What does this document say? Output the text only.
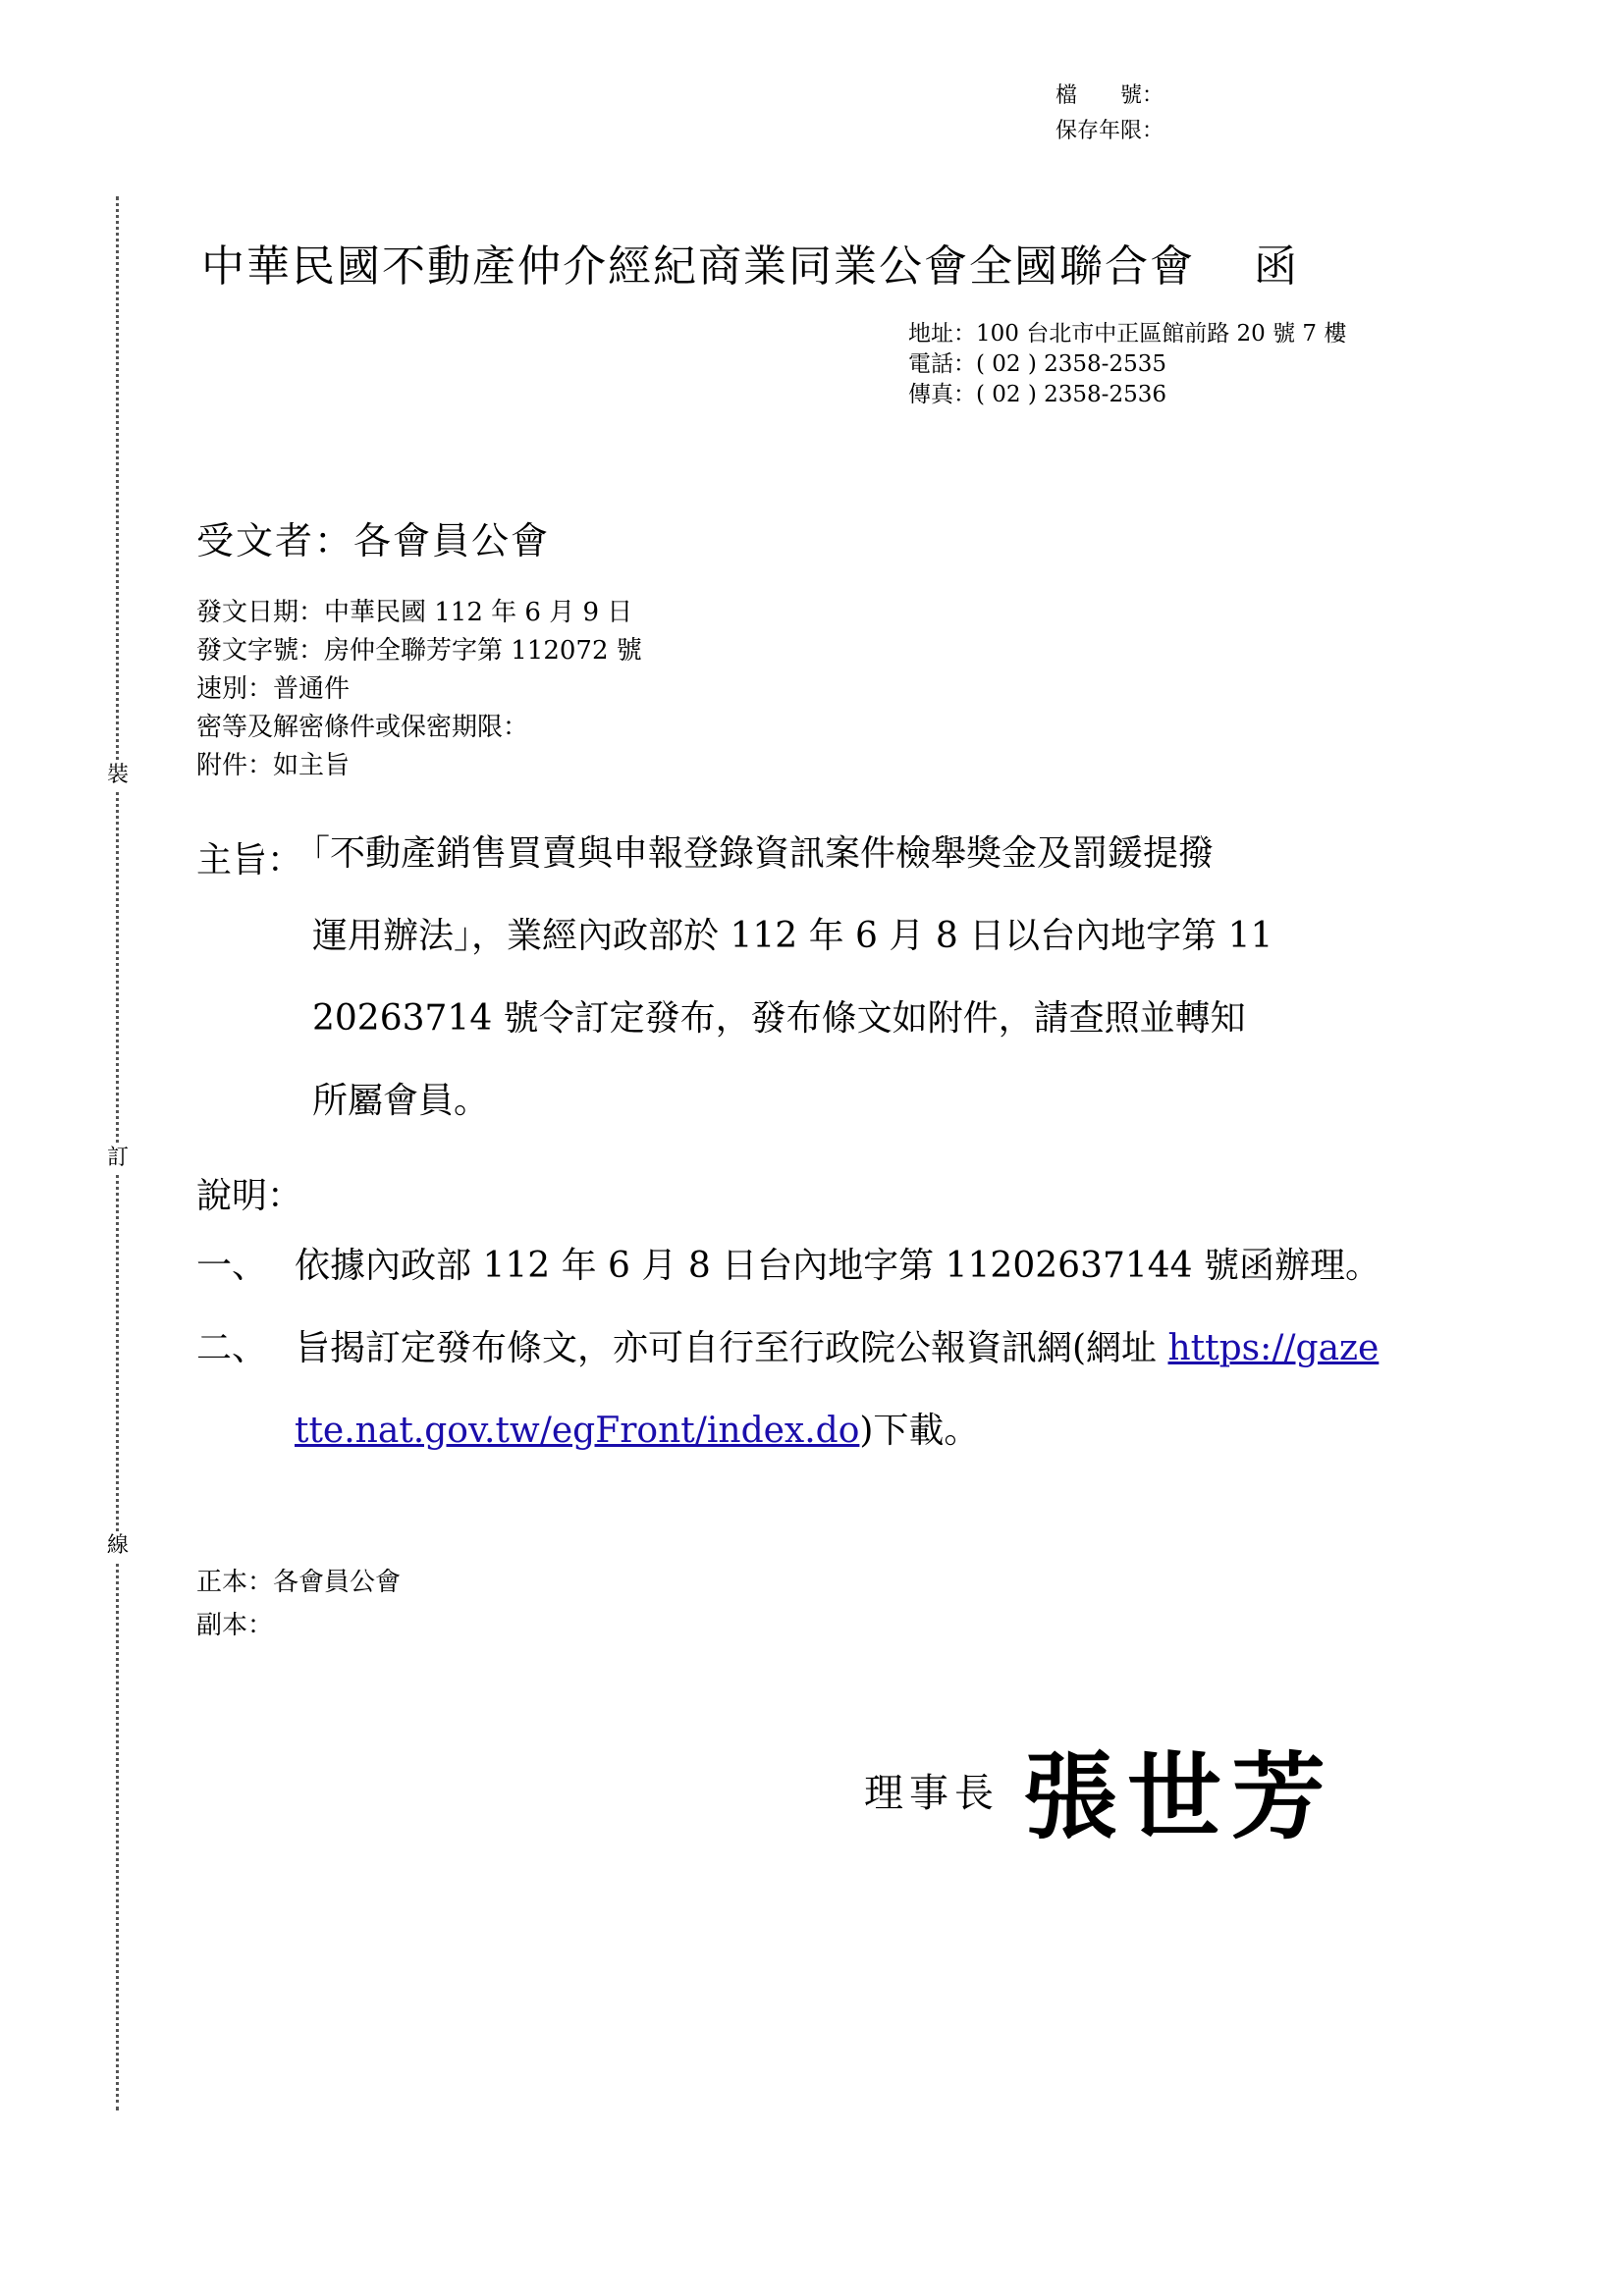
裝
訂
線
檔　　號：
保存年限：
中華民國不動產仲介經紀商業同業公會全國聯合會 函
地址：100 台北市中正區館前路 20 號 7 樓
電話：( 02 ) 2358-2535
傳真：( 02 ) 2358-2536
受文者：各會員公會
發文日期：中華民國 112 年 6 月 9 日
發文字號：房仲全聯芳字第 112072 號
速別：普通件
密等及解密條件或保密期限：
附件：如主旨
主旨：
「不動產銷售買賣與申報登錄資訊案件檢舉獎金及罰鍰提撥
運用辦法」，業經內政部於 112 年 6 月 8 日以台內地字第 11
20263714 號令訂定發布，發布條文如附件，請查照並轉知
所屬會員。
說明：
一、 依據內政部 112 年 6 月 8 日台內地字第 11202637144 號函辦理。
二、 旨揭訂定發布條文，亦可自行至行政院公報資訊網(網址 https://gaze
tte.nat.gov.tw/egFront/index.do)下載。
正本：各會員公會
副本：
理事長 張世芳
